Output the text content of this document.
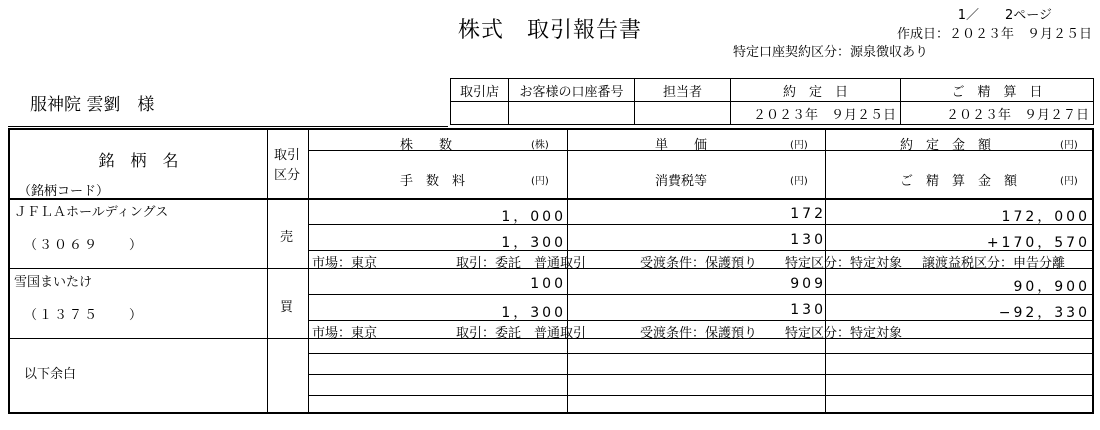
株式　取引報告書
1／　　2ページ
作成日：２０２３年　９月２５日
特定口座契約区分：源泉徴収あり
服神院 雲劉　様
取引店	お客様の口座番号	担当者	約　定　日	ご　精　算　日
			２０２３年　９月２５日	２０２３年　９月２７日
銘　柄　名
（銘柄コード）
取引
区分
株　　数	(株)
手　数　料	(円)
単　　価	(円)
消費税等	(円)
約　定　金　額	(円)
ご　精　算　金　額	(円)
ＪＦＬＡホールディングス
（３０６９　　）
売
1，000	172	172，000
1，300	130	+170，570
市場：東京	取引：委託　普通取引	受渡条件：保護預り 特定区分：特定対象 譲渡益税区分：申告分離
雪国まいたけ
（１３７５　　）
買
100	909	90，900
1，300	130	−92，330
市場：東京	取引：委託　普通取引	受渡条件：保護預り 特定区分：特定対象
以下余白
